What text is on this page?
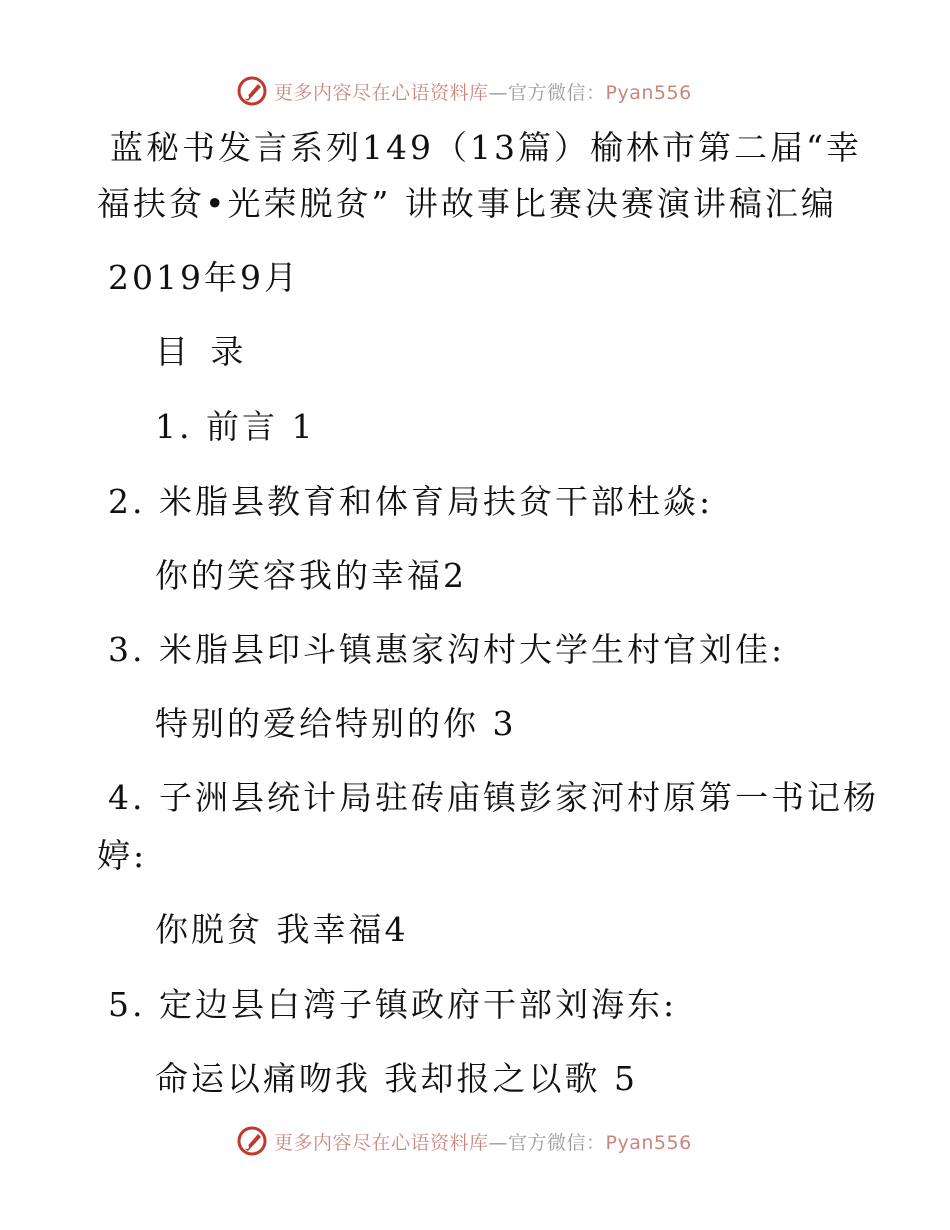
更多内容尽在心语资料库—官方微信：Pyan556
蓝秘书发言系列149（13篇）榆林市第二届“幸
福扶贫•光荣脱贫” 讲故事比赛决赛演讲稿汇编
2019年9月
目 录
1. 前言 1
2. 米脂县教育和体育局扶贫干部杜焱:
你的笑容我的幸福2
3. 米脂县印斗镇惠家沟村大学生村官刘佳:
特别的爱给特别的你 3
4. 子洲县统计局驻砖庙镇彭家河村原第一书记杨
婷:
你脱贫 我幸福4
5. 定边县白湾子镇政府干部刘海东:
命运以痛吻我 我却报之以歌 5
更多内容尽在心语资料库—官方微信：Pyan556
